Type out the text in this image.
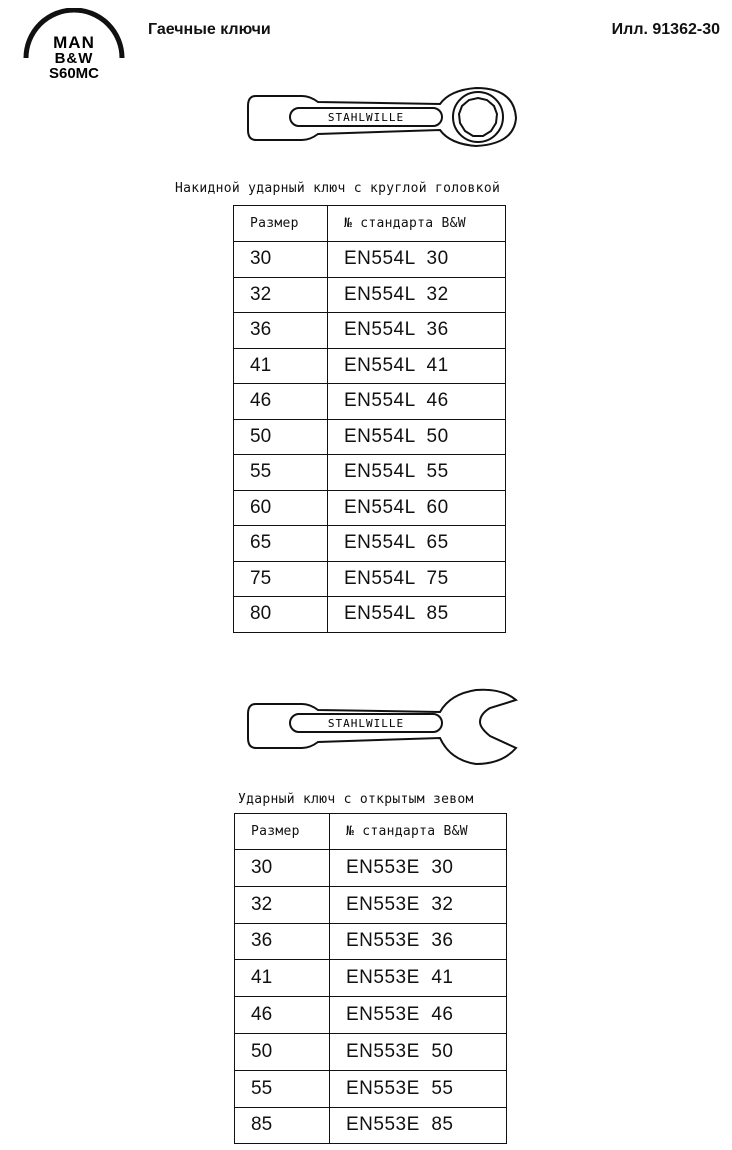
MAN
B&W
S60MC
Гаечные ключи	Илл. 91362-30
STAHLWILLE
Накидной ударный ключ с круглой головкой
Размер	№ стандарта B&W
30	EN554L  30
32	EN554L  32
36	EN554L  36
41	EN554L  41
46	EN554L  46
50	EN554L  50
55	EN554L  55
60	EN554L  60
65	EN554L  65
75	EN554L  75
80	EN554L  85
STAHLWILLE
Ударный ключ с открытым зевом
Размер	№ стандарта B&W
30	EN553E  30
32	EN553E  32
36	EN553E  36
41	EN553E  41
46	EN553E  46
50	EN553E  50
55	EN553E  55
85	EN553E  85
